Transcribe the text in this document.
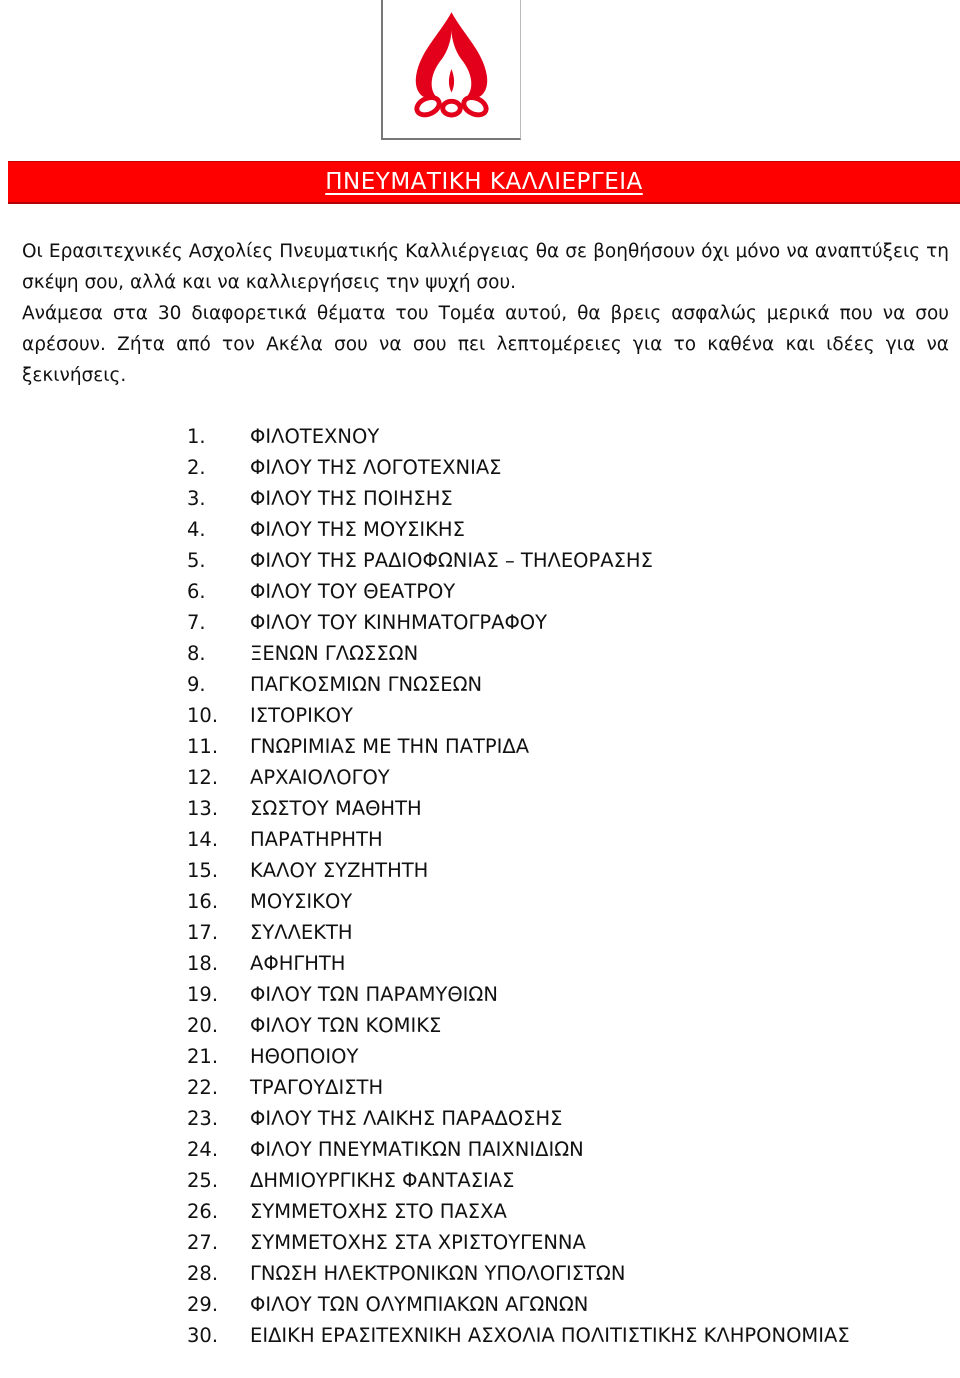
ΠΝΕΥΜΑΤΙΚΗ ΚΑΛΛΙΕΡΓΕΙΑ

Οι Ερασιτεχνικές Ασχολίες Πνευματικής Καλλιέργειας θα σε βοηθήσουν όχι μόνο να αναπτύξεις τη σκέψη σου, αλλά και να καλλιεργήσεις την ψυχή σου.

Ανάμεσα στα 30 διαφορετικά θέματα του Τομέα αυτού, θα βρεις ασφαλώς μερικά που να σου αρέσουν. Ζήτα από τον Ακέλα σου να σου πει λεπτομέρειες για το καθένα και ιδέες για να ξεκινήσεις.

1.	ΦΙΛΟΤΕΧΝΟΥ
2.	ΦΙΛΟΥ ΤΗΣ ΛΟΓΟΤΕΧΝΙΑΣ
3.	ΦΙΛΟΥ ΤΗΣ ΠΟΙΗΣΗΣ
4.	ΦΙΛΟΥ ΤΗΣ ΜΟΥΣΙΚΗΣ
5.	ΦΙΛΟΥ ΤΗΣ ΡΑΔΙΟΦΩΝΙΑΣ – ΤΗΛΕΟΡΑΣΗΣ
6.	ΦΙΛΟΥ ΤΟΥ ΘΕΑΤΡΟΥ
7.	ΦΙΛΟΥ ΤΟΥ ΚΙΝΗΜΑΤΟΓΡΑΦΟΥ
8.	ΞΕΝΩΝ ΓΛΩΣΣΩΝ
9.	ΠΑΓΚΟΣΜΙΩΝ ΓΝΩΣΕΩΝ
10.	ΙΣΤΟΡΙΚΟΥ
11.	ΓΝΩΡΙΜΙΑΣ ΜΕ ΤΗΝ ΠΑΤΡΙΔΑ
12.	ΑΡΧΑΙΟΛΟΓΟΥ
13.	ΣΩΣΤΟΥ ΜΑΘΗΤΗ
14.	ΠΑΡΑΤΗΡΗΤΗ
15.	ΚΑΛΟΥ ΣΥΖΗΤΗΤΗ
16.	ΜΟΥΣΙΚΟΥ
17.	ΣΥΛΛΕΚΤΗ
18.	ΑΦΗΓΗΤΗ
19.	ΦΙΛΟΥ ΤΩΝ ΠΑΡΑΜΥΘΙΩΝ
20.	ΦΙΛΟΥ ΤΩΝ ΚΟΜΙΚΣ
21.	ΗΘΟΠΟΙΟΥ
22.	ΤΡΑΓΟΥΔΙΣΤΗ
23.	ΦΙΛΟΥ ΤΗΣ ΛΑΙΚΗΣ ΠΑΡΑΔΟΣΗΣ
24.	ΦΙΛΟΥ ΠΝΕΥΜΑΤΙΚΩΝ ΠΑΙΧΝΙΔΙΩΝ
25.	ΔΗΜΙΟΥΡΓΙΚΗΣ ΦΑΝΤΑΣΙΑΣ
26.	ΣΥΜΜΕΤΟΧΗΣ ΣΤΟ ΠΑΣΧΑ
27.	ΣΥΜΜΕΤΟΧΗΣ ΣΤΑ ΧΡΙΣΤΟΥΓΕΝΝΑ
28.	ΓΝΩΣΗ ΗΛΕΚΤΡΟΝΙΚΩΝ ΥΠΟΛΟΓΙΣΤΩΝ
29.	ΦΙΛΟΥ ΤΩΝ ΟΛΥΜΠΙΑΚΩΝ ΑΓΩΝΩΝ
30.	ΕΙΔΙΚΗ ΕΡΑΣΙΤΕΧΝΙΚΗ ΑΣΧΟΛΙΑ ΠΟΛΙΤΙΣΤΙΚΗΣ ΚΛΗΡΟΝΟΜΙΑΣ
